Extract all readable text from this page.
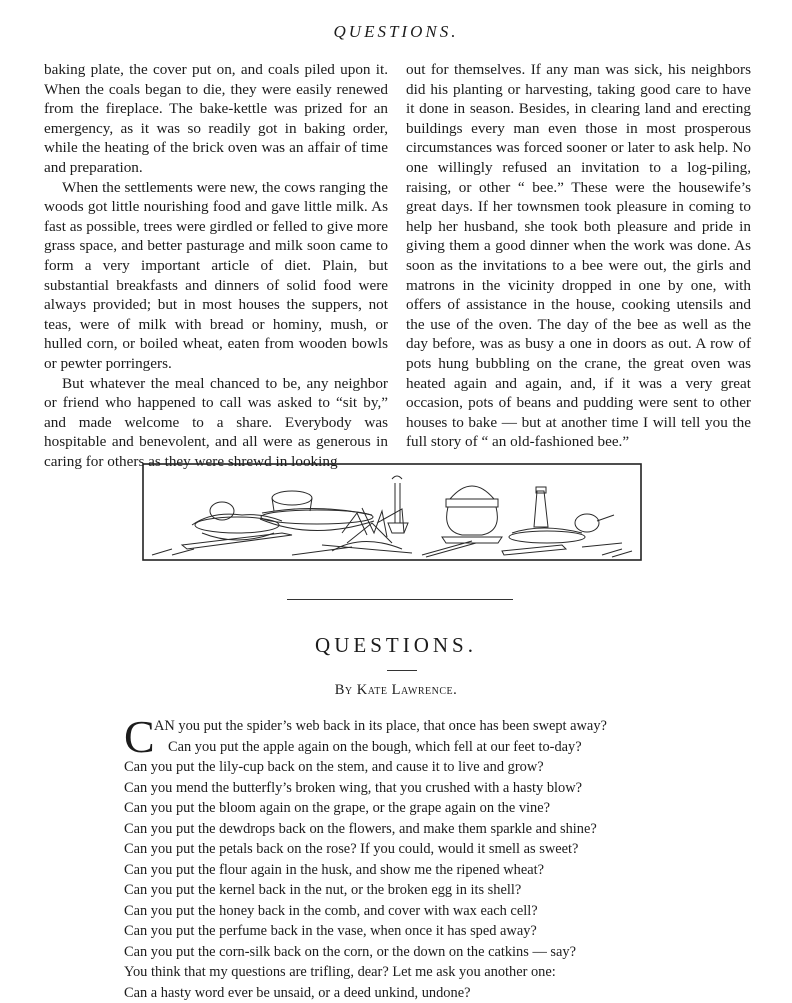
QUESTIONS.

baking plate, the cover put on, and coals piled upon it. When the coals began to die, they were easily renewed from the fireplace. The bake-kettle was prized for an emergency, as it was so readily got in baking order, while the heating of the brick oven was an affair of time and preparation.

When the settlements were new, the cows ranging the woods got little nourishing food and gave little milk. As fast as possible, trees were girdled or felled to give more grass space, and better pasturage and milk soon came to form a very important article of diet. Plain, but substantial breakfasts and dinners of solid food were always provided; but in most houses the suppers, not teas, were of milk with bread or hominy, mush, or hulled corn, or boiled wheat, eaten from wooden bowls or pewter porringers.

But whatever the meal chanced to be, any neighbor or friend who happened to call was asked to “sit by,” and made welcome to a share. Everybody was hospitable and benevolent, and all were as generous in caring for others as they were shrewd in looking

out for themselves. If any man was sick, his neighbors did his planting or harvesting, taking good care to have it done in season. Besides, in clearing land and erecting buildings every man even those in most prosperous circumstances was forced sooner or later to ask help. No one willingly refused an invitation to a log-piling, raising, or other “ bee.” These were the housewife’s great days. If her townsmen took pleasure in coming to help her husband, she took both pleasure and pride in giving them a good dinner when the work was done. As soon as the invitations to a bee were out, the girls and matrons in the vicinity dropped in one by one, with offers of assistance in the house, cooking utensils and the use of the oven. The day of the bee as well as the day before, was as busy a one in doors as out. A row of pots hung bubbling on the crane, the great oven was heated again and again, and, if it was a very great occasion, pots of beans and pudding were sent to other houses to bake — but at another time I will tell you the full story of “ an old-fashioned bee.”

QUESTIONS.
By Kate Lawrence.
C AN you put the spider’s web back in its place, that once has been swept away?
Can you put the apple again on the bough, which fell at our feet to-day?
Can you put the lily-cup back on the stem, and cause it to live and grow?
Can you mend the butterfly’s broken wing, that you crushed with a hasty blow?
Can you put the bloom again on the grape, or the grape again on the vine?
Can you put the dewdrops back on the flowers, and make them sparkle and shine?
Can you put the petals back on the rose? If you could, would it smell as sweet?
Can you put the flour again in the husk, and show me the ripened wheat?
Can you put the kernel back in the nut, or the broken egg in its shell?
Can you put the honey back in the comb, and cover with wax each cell?
Can you put the perfume back in the vase, when once it has sped away?
Can you put the corn-silk back on the corn, or the down on the catkins — say?
You think that my questions are trifling, dear? Let me ask you another one:
Can a hasty word ever be unsaid, or a deed unkind, undone?
